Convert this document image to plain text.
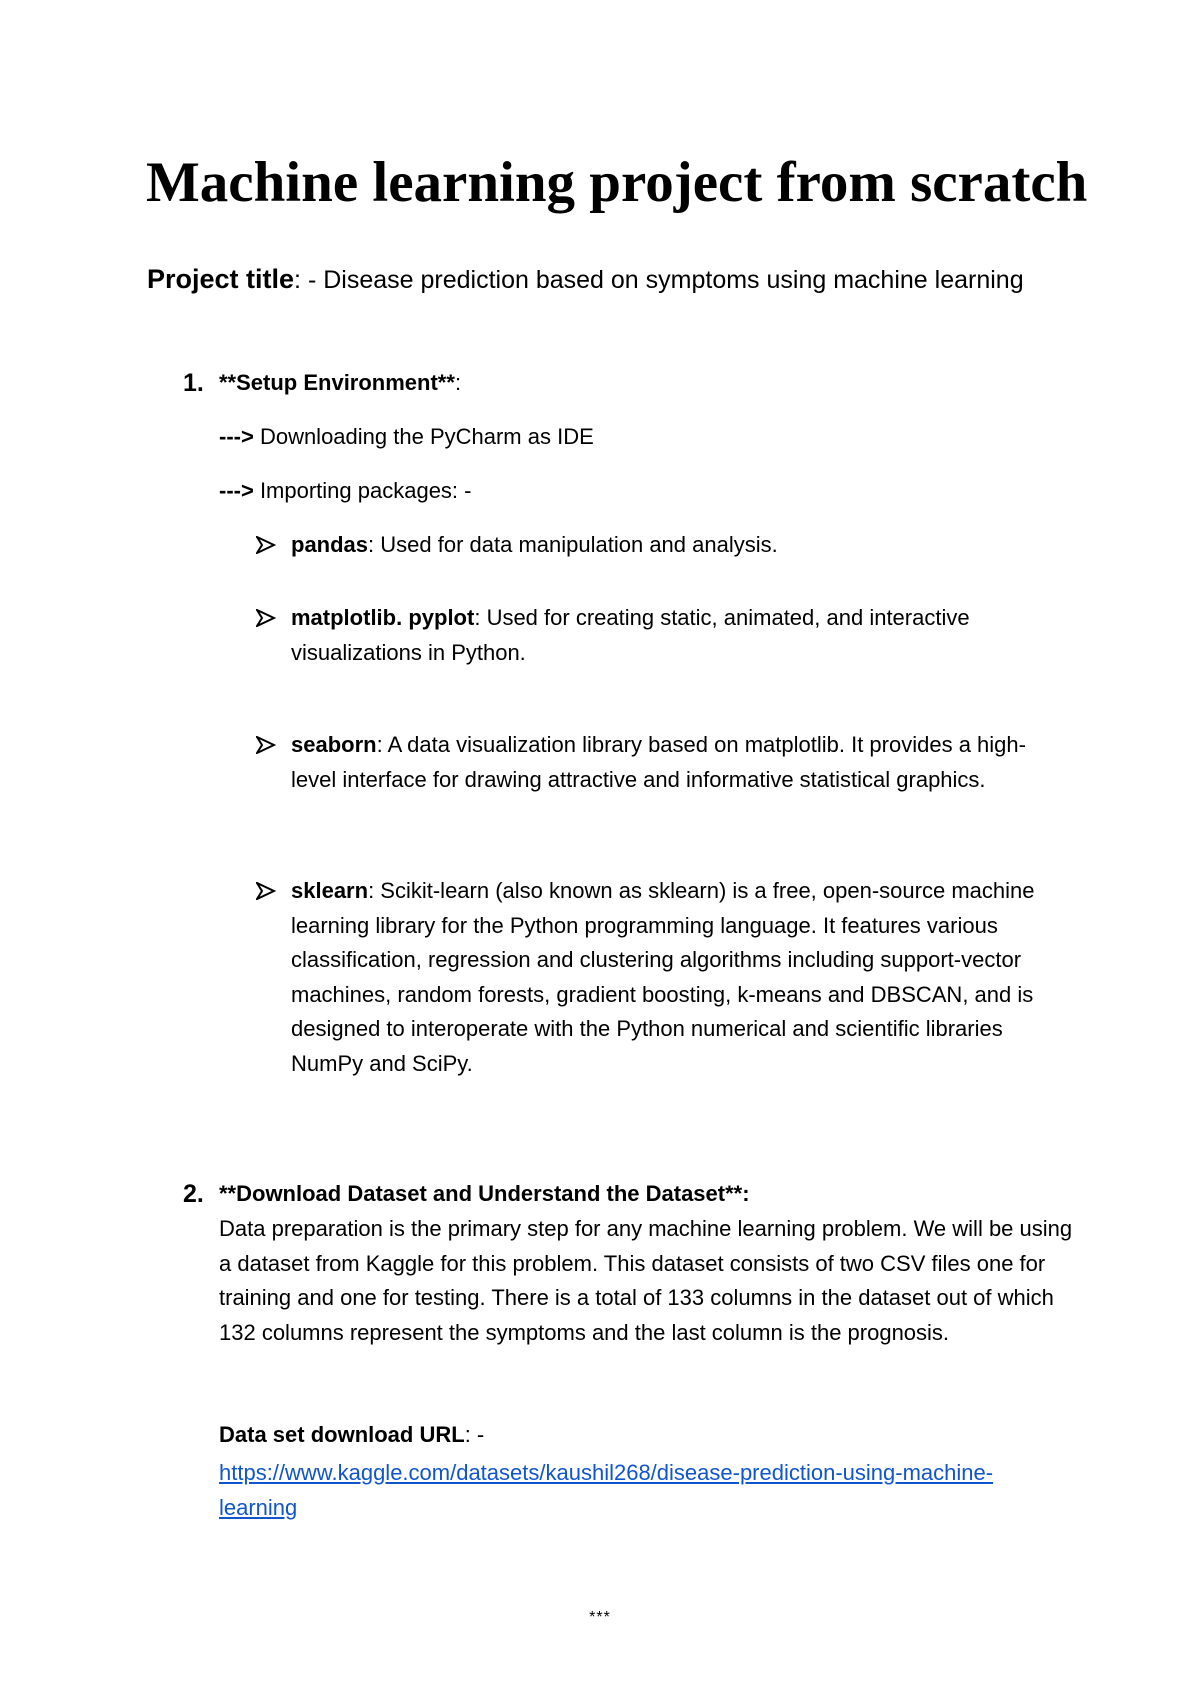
Machine learning project from scratch
Project title: - Disease prediction based on symptoms using machine learning
1. **Setup Environment**:
---> Downloading the PyCharm as IDE
---> Importing packages: -
pandas: Used for data manipulation and analysis.
matplotlib. pyplot: Used for creating static, animated, and interactive visualizations in Python.
seaborn: A data visualization library based on matplotlib. It provides a high-level interface for drawing attractive and informative statistical graphics.
sklearn: Scikit-learn (also known as sklearn) is a free, open-source machine learning library for the Python programming language. It features various classification, regression and clustering algorithms including support-vector machines, random forests, gradient boosting, k-means and DBSCAN, and is designed to interoperate with the Python numerical and scientific libraries NumPy and SciPy.
2. **Download Dataset and Understand the Dataset**:
Data preparation is the primary step for any machine learning problem. We will be using a dataset from Kaggle for this problem. This dataset consists of two CSV files one for training and one for testing. There is a total of 133 columns in the dataset out of which 132 columns represent the symptoms and the last column is the prognosis.
Data set download URL: -
https://www.kaggle.com/datasets/kaushil268/disease-prediction-using-machine-learning
***
